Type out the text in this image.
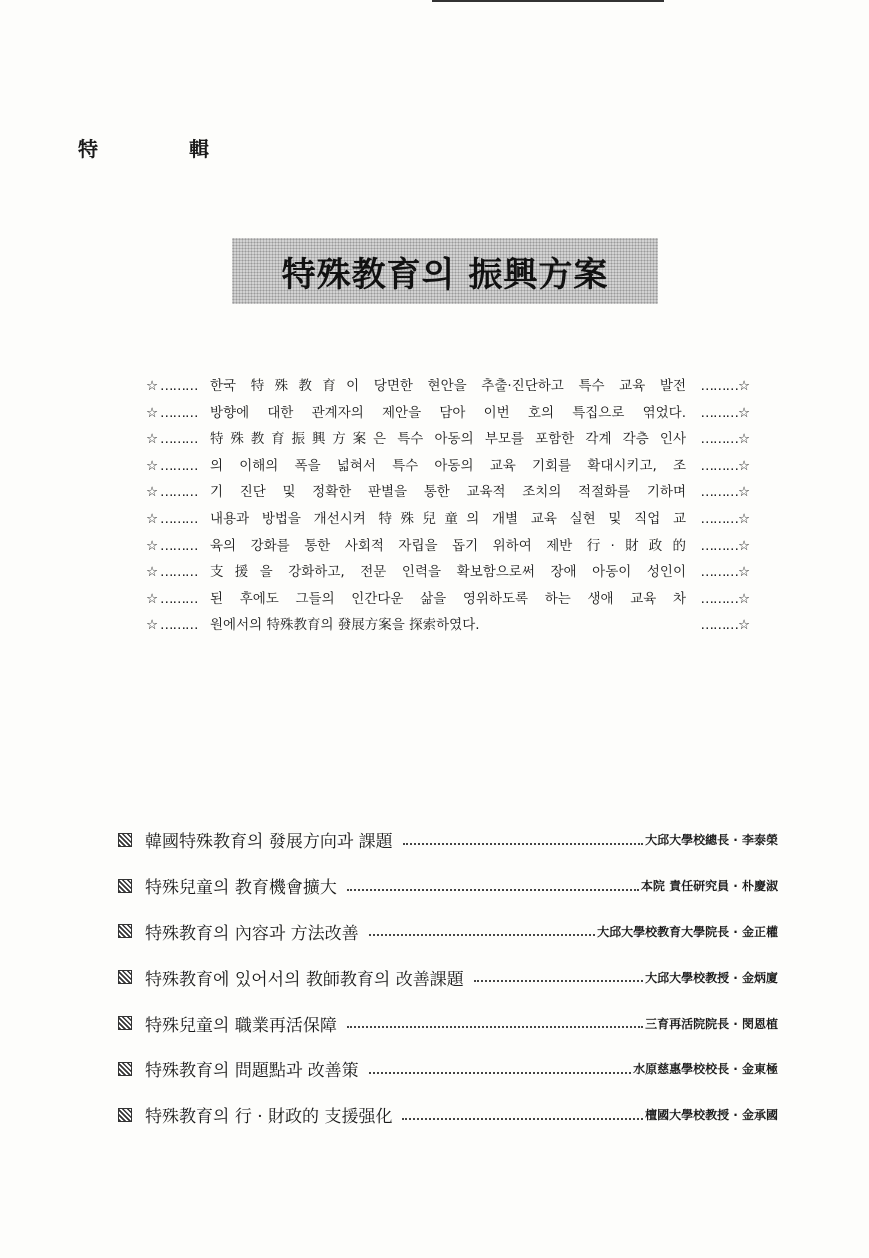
特 輯
特殊教育의 振興方案
☆ ……… 한국 特殊教育이 당면한 현안을 추출·진단하고 특수 교육 발전	……… ☆
☆ ……… 방향에 대한 관계자의 제안을 담아 이번 호의 특집으로 엮었다.	……… ☆
☆ ……… 特殊教育振興方案은 특수 아동의 부모를 포함한 각계 각층 인사	……… ☆
☆ ……… 의 이해의 폭을 넓혀서 특수 아동의 교육 기회를 확대시키고, 조	……… ☆
☆ ……… 기 진단 및 정확한 판별을 통한 교육적 조치의 적절화를 기하며	……… ☆
☆ ……… 내용과 방법을 개선시켜 特殊兒童의 개별 교육 실현 및 직업 교	……… ☆
☆ ……… 육의 강화를 통한 사회적 자립을 돕기 위하여 제반 行·財政的	……… ☆
☆ ……… 支援을 강화하고, 전문 인력을 확보함으로써 장애 아동이 성인이	……… ☆
☆ ……… 된 후에도 그들의 인간다운 삶을 영위하도록 하는 생애 교육 차	……… ☆
☆ ……… 원에서의 特殊教育의 發展方案을 探索하였다.	……… ☆
韓國特殊教育의 發展方向과 課題	大邱大學校總長 · 李泰榮
特殊兒童의 教育機會擴大	本院 責任研究員 · 朴慶淑
特殊教育의 內容과 方法改善	大邱大學校教育大學院長 · 金正權
特殊教育에 있어서의 教師教育의 改善課題	大邱大學校教授 · 金炳廈
特殊兒童의 職業再活保障	三育再活院院長 · 閔恩植
特殊教育의 問題點과 改善策	水原慈惠學校校長 · 金東極
特殊教育의 行 · 財政的 支援强化	檀國大學校教授 · 金承國
